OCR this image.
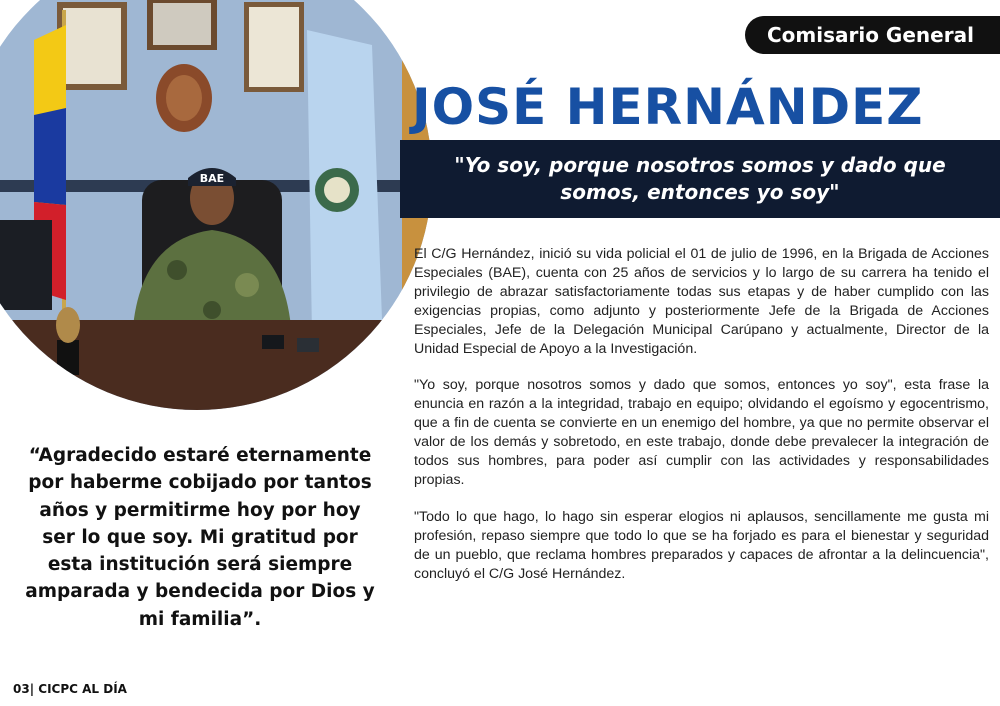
BAE
Comisario General
JOSÉ HERNÁNDEZ
"Yo soy, porque nosotros somos y dado que somos, entonces yo soy"

El C/G Hernández, inició su vida policial el 01 de julio de 1996, en la Brigada de Acciones Especiales (BAE), cuenta con 25 años de servicios y lo largo de su carrera ha tenido el privilegio de abrazar satisfactoriamente todas sus etapas y de haber cumplido con las exigencias propias, como adjunto y posteriormente Jefe de la Brigada de Acciones Especiales, Jefe de la Delegación Municipal Carúpano y actualmente, Director de la Unidad Especial de Apoyo a la Investigación.

"Yo soy, porque nosotros somos y dado que somos, entonces yo soy", esta frase la enuncia en razón a la integridad, trabajo en equipo; olvidando el egoísmo y egocentrismo, que a fin de cuenta se convierte en un enemigo del hombre, ya que no permite observar el valor de los demás y sobretodo, en este trabajo, donde debe prevalecer la integración de todos sus hombres, para poder así cumplir con las actividades y responsabilidades propias.

"Todo lo que hago, lo hago sin esperar elogios ni aplausos, sencillamente me gusta mi profesión, repaso siempre que todo lo que se ha forjado es para el bienestar y seguridad de un pueblo, que reclama hombres preparados y capaces de afrontar a la delincuencia", concluyó el C/G José Hernández.

“Agradecido estaré eternamente por haberme cobijado por tantos años y permitirme hoy por hoy ser lo que soy. Mi gratitud por esta institución será siempre amparada y bendecida por Dios y mi familia”.
03| CICPC AL DÍA
